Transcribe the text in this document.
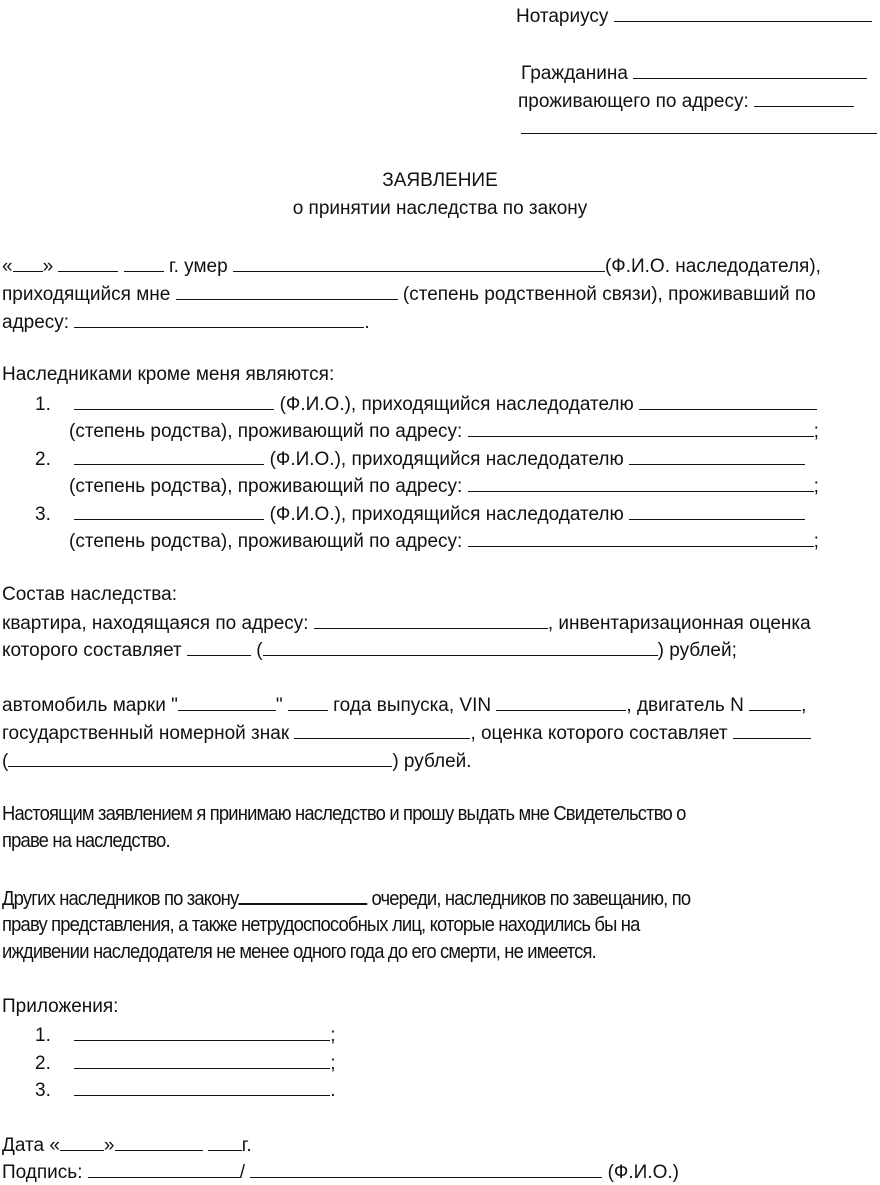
Нотариусу
Гражданина
проживающего по адресу:
ЗАЯВЛЕНИЕ
о принятии наследства по закону
« »	г. умер	(Ф.И.О. наследодателя),
приходящийся мне	(степень родственной связи), проживавший по
адресу:	.
Наследниками кроме меня являются:
1.	(Ф.И.О.), приходящийся наследодателю
(степень родства), проживающий по адресу:	;
2.	(Ф.И.О.), приходящийся наследодателю
(степень родства), проживающий по адресу:	;
3.	(Ф.И.О.), приходящийся наследодателю
(степень родства), проживающий по адресу:	;
Состав наследства:
квартира, находящаяся по адресу:	, инвентаризационная оценка
которого составляет	(	) рублей;
автомобиль марки "	"	года выпуска, VIN	, двигатель N	,
государственный номерной знак	, оценка которого составляет
(	) рублей.
Настоящим заявлением я принимаю наследство и прошу выдать мне Свидетельство о
праве на наследство.
Других наследников по закону	очереди, наследников по завещанию, по
праву представления, а также нетрудоспособных лиц, которые находились бы на
иждивении наследодателя не менее одного года до его смерти, не имеется.
Приложения:
1.	;
2.	;
3.	.
Дата « »	г.
Подпись:	/	(Ф.И.О.)
